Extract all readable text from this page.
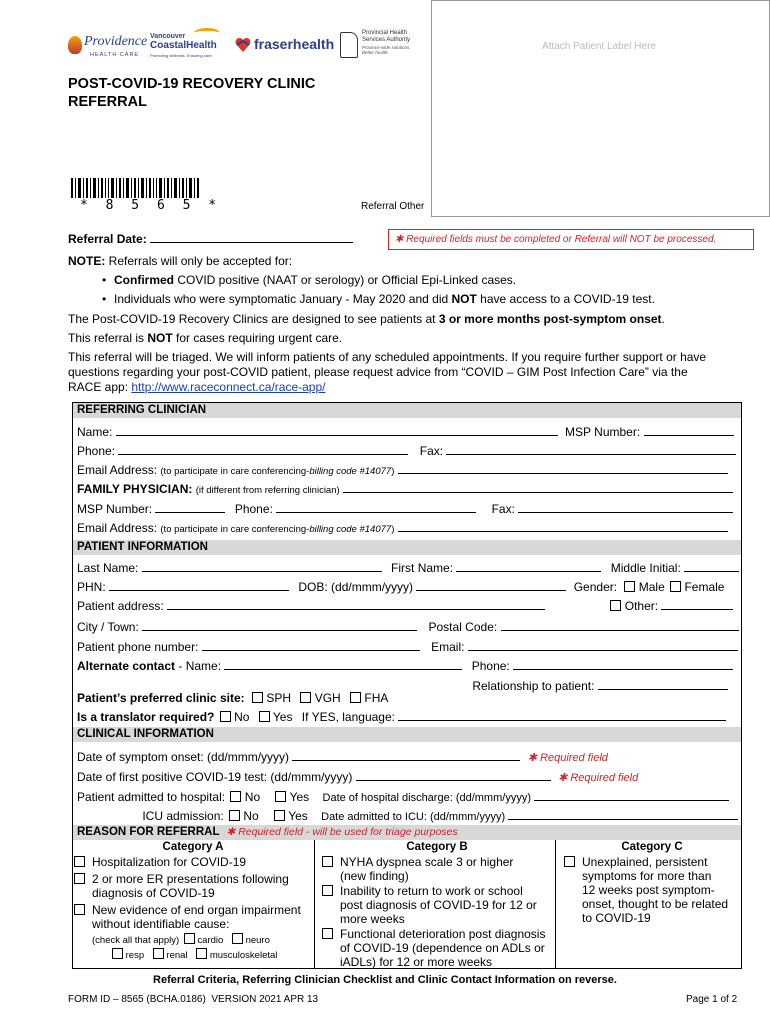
Providence
HEALTH CARE
Vancouver
CoastalHealth
Promoting wellness. Ensuring care.
fraserhealth
Provincial Health
Services Authority
Province-wide solutions.
Better health.
Attach Patient Label Here
Referral Other
POST-COVID-19 RECOVERY CLINIC
REFERRAL
* 8 5 6 5 *
Referral Date:	✱ Required fields must be completed or Referral will NOT be processed.
NOTE: Referrals will only be accepted for:
• Confirmed COVID positive (NAAT or serology) or Official Epi-Linked cases.
• Individuals who were symptomatic January - May 2020 and did NOT have access to a COVID-19 test.
The Post-COVID-19 Recovery Clinics are designed to see patients at 3 or more months post-symptom onset.
This referral is NOT for cases requiring urgent care.
This referral will be triaged. We will inform patients of any scheduled appointments. If you require further support or have
questions regarding your post-COVID patient, please request advice from “COVID – GIM Post Infection Care” via the
RACE app: http://www.raceconnect.ca/race-app/
REFERRING CLINICIAN
Name:	MSP Number:
Phone:	Fax:
Email Address: (to participate in care conferencing-billing code #14077)
FAMILY PHYSICIAN: (if different from referring clinician)
MSP Number:	Phone:	Fax:
Email Address: (to participate in care conferencing-billing code #14077)
PATIENT INFORMATION
Last Name:	First Name:	Middle Initial:
PHN:	DOB: (dd/mmm/yyyy)	Gender: Male Female
Patient address:	Other:
City / Town:	Postal Code:
Patient phone number:	Email:
Alternate contact - Name:	Phone:
Relationship to patient:
Patient’s preferred clinic site: SPH VGH FHA
Is a translator required? No Yes If YES, language:
CLINICAL INFORMATION
Date of symptom onset: (dd/mmm/yyyy)	✱ Required field
Date of first positive COVID-19 test: (dd/mmm/yyyy)	✱ Required field
Patient admitted to hospital: No Yes Date of hospital discharge: (dd/mmm/yyyy)
ICU admission: No Yes Date admitted to ICU: (dd/mmm/yyyy)
REASON FOR REFERRAL ✱ Required field - will be used for triage purposes
Category A
Hospitalization for COVID-19
2 or more ER presentations following
diagnosis of COVID-19
New evidence of end organ impairment
without identifiable cause:
(check all that apply) cardio neuro
resp renal musculoskeletal
Category B
NYHA dyspnea scale 3 or higher
(new finding)
Inability to return to work or school
post diagnosis of COVID-19 for 12 or
more weeks
Functional deterioration post diagnosis
of COVID-19 (dependence on ADLs or
iADLs) for 12 or more weeks
Category C
Unexplained, persistent
symptoms for more than
12 weeks post symptom-
onset, thought to be related
to COVID-19
Referral Criteria, Referring Clinician Checklist and Clinic Contact Information on reverse.
FORM ID – 8565 (BCHA.0186)  VERSION 2021 APR 13	Page 1 of 2
